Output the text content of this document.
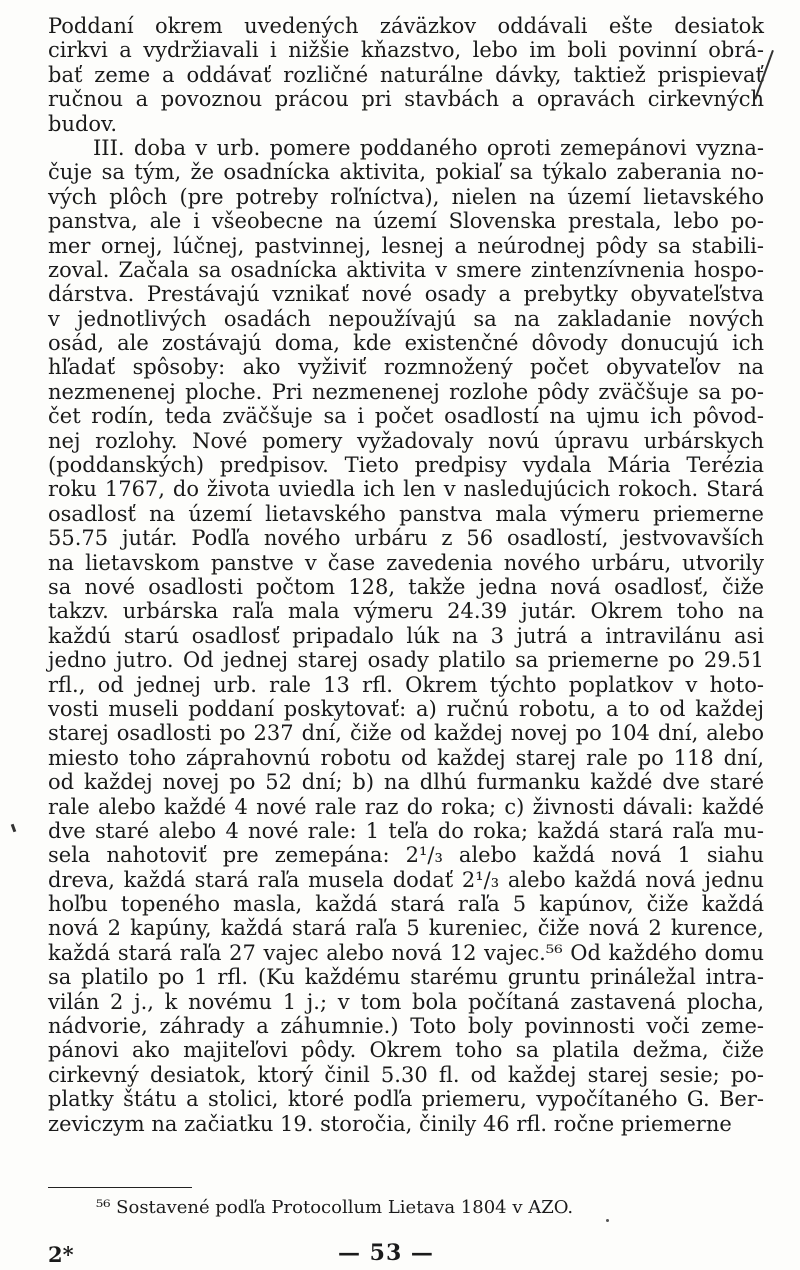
Poddaní okrem uvedených záväzkov oddávali ešte desiatok
cirkvi a vydržiavali i nižšie kňazstvo, lebo im boli povinní obrá-
bať zeme a oddávať rozličné naturálne dávky, taktiež prispievať
ručnou a povoznou prácou pri stavbách a opravách cirkevných
budov.
III. doba v urb. pomere poddaného oproti zemepánovi vyzna-
čuje sa tým, že osadnícka aktivita, pokiaľ sa týkalo zaberania no-
vých plôch (pre potreby roľníctva), nielen na území lietavského
panstva, ale i všeobecne na území Slovenska prestala, lebo po-
mer ornej, lúčnej, pastvinnej, lesnej a neúrodnej pôdy sa stabili-
zoval. Začala sa osadnícka aktivita v smere zintenzívnenia hospo-
dárstva. Prestávajú vznikať nové osady a prebytky obyvateľstva
v jednotlivých osadách nepoužívajú sa na zakladanie nových
osád, ale zostávajú doma, kde existenčné dôvody donucujú ich
hľadať spôsoby: ako vyživiť rozmnožený počet obyvateľov na
nezmenenej ploche. Pri nezmenenej rozlohe pôdy zväčšuje sa po-
čet rodín, teda zväčšuje sa i počet osadlostí na ujmu ich pôvod-
nej rozlohy. Nové pomery vyžadovaly novú úpravu urbárskych
(poddanských) predpisov. Tieto predpisy vydala Mária Terézia
roku 1767, do života uviedla ich len v nasledujúcich rokoch. Stará
osadlosť na území lietavského panstva mala výmeru priemerne
55.75 jutár. Podľa nového urbáru z 56 osadlostí, jestvovavších
na lietavskom panstve v čase zavedenia nového urbáru, utvorily
sa nové osadlosti počtom 128, takže jedna nová osadlosť, čiže
takzv. urbárska raľa mala výmeru 24.39 jutár. Okrem toho na
každú starú osadlosť pripadalo lúk na 3 jutrá a intravilánu asi
jedno jutro. Od jednej starej osady platilo sa priemerne po 29.51
rfl., od jednej urb. rale 13 rfl. Okrem týchto poplatkov v hoto-
vosti museli poddaní poskytovať: a) ručnú robotu, a to od každej
starej osadlosti po 237 dní, čiže od každej novej po 104 dní, alebo
miesto toho záprahovnú robotu od každej starej rale po 118 dní,
od každej novej po 52 dní; b) na dlhú furmanku každé dve staré
rale alebo každé 4 nové rale raz do roka; c) živnosti dávali: každé
dve staré alebo 4 nové rale: 1 teľa do roka; každá stará raľa mu-
sela nahotoviť pre zemepána: 2¹/₃ alebo každá nová 1 siahu
dreva, každá stará raľa musela dodať 2¹/₃ alebo každá nová jednu
hoľbu topeného masla, každá stará raľa 5 kapúnov, čiže každá
nová 2 kapúny, každá stará raľa 5 kureniec, čiže nová 2 kurence,
každá stará raľa 27 vajec alebo nová 12 vajec.⁵⁶ Od každého domu
sa platilo po 1 rfl. (Ku každému starému gruntu prináležal intra-
vilán 2 j., k novému 1 j.; v tom bola počítaná zastavená plocha,
nádvorie, záhrady a záhumnie.) Toto boly povinnosti voči zeme-
pánovi ako majiteľovi pôdy. Okrem toho sa platila dežma, čiže
cirkevný desiatok, ktorý činil 5.30 fl. od každej starej sesie; po-
platky štátu a stolici, ktoré podľa priemeru, vypočítaného G. Ber-
zeviczym na začiatku 19. storočia, činily 46 rfl. ročne priemerne
⁵⁶ Sostavené podľa Protocollum Lietava 1804 v AZO.
2*	— 53 —
